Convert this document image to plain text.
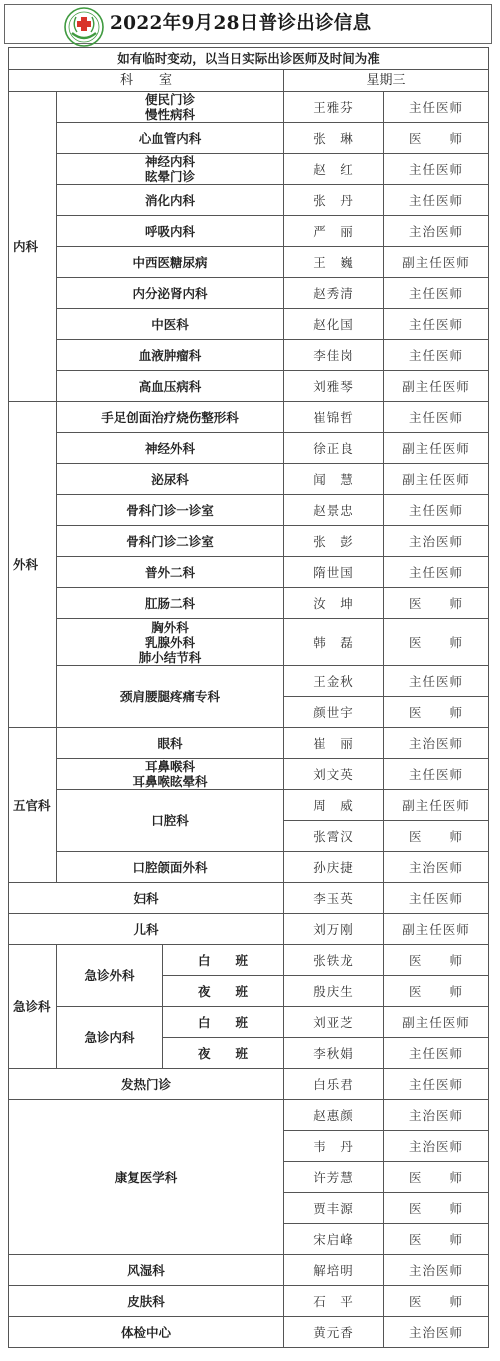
2022年9月28日普诊出诊信息
如有临时变动，以当日实际出诊医师及时间为准				
科　　室			星期三	
内科	便民门诊
慢性病科		王雅芬	主任医师

	心血管内科		张　琳	医　　师

	神经内科
眩晕门诊		赵　红	主任医师

	消化内科		张　丹	主任医师

	呼吸内科		严　丽	主治医师

	中西医糖尿病		王　巍	副主任医师

	内分泌肾内科		赵秀清	主任医师

	中医科		赵化国	主任医师

	血液肿瘤科		李佳岗	主任医师

	高血压病科		刘雅琴	副主任医师
外科	手足创面治疗烧伤整形科		崔锦哲	主任医师

	神经外科		徐正良	副主任医师

	泌尿科		闻　慧	副主任医师

	骨科门诊一诊室		赵景忠	主任医师

	骨科门诊二诊室		张　彭	主治医师

	普外二科		隋世国	主任医师

	肛肠二科		汝　坤	医　　师

	胸外科
乳腺外科
肺小结节科		韩　磊	医　　师
	颈肩腰腿疼痛专科		王金秋	主任医师
			颜世宇	医　　师
五官科	眼科		崔　丽	主治医师

	耳鼻喉科
耳鼻喉眩晕科		刘文英	主任医师
	口腔科		周　威	副主任医师
			张霄汉	医　　师
	口腔颌面外科		孙庆捷	主治医师
妇科			李玉英	主任医师
儿科			刘万刚	副主任医师
急诊科	急诊外科	白　　班	张铁龙	医　　师
		夜　　班	殷庆生	医　　师
	急诊内科	白　　班	刘亚芝	副主任医师
		夜　　班	李秋娟	主任医师
发热门诊			白乐君	主任医师
康复医学科			赵惠颜	主治医师
			韦　丹	主治医师
			许芳慧	医　　师
			贾丰源	医　　师
			宋启峰	医　　师
风湿科			解培明	主治医师
皮肤科			石　平	医　　师
体检中心			黄元香	主治医师
